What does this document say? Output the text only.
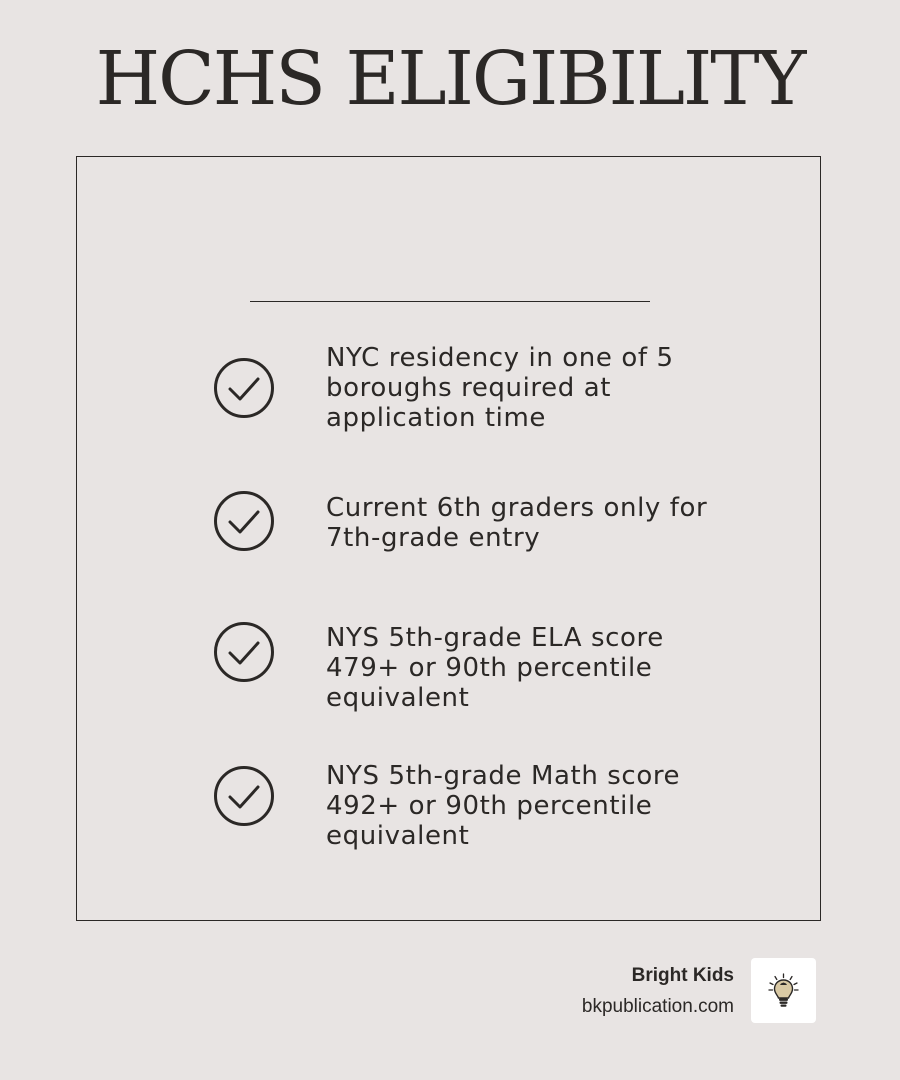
HCHS ELIGIBILITY
NYC residency in one of 5 boroughs required at application time
Current 6th graders only for 7th-grade entry
NYS 5th-grade ELA score 479+ or 90th percentile equivalent
NYS 5th-grade Math score 492+ or 90th percentile equivalent
Bright Kids
bkpublication.com
